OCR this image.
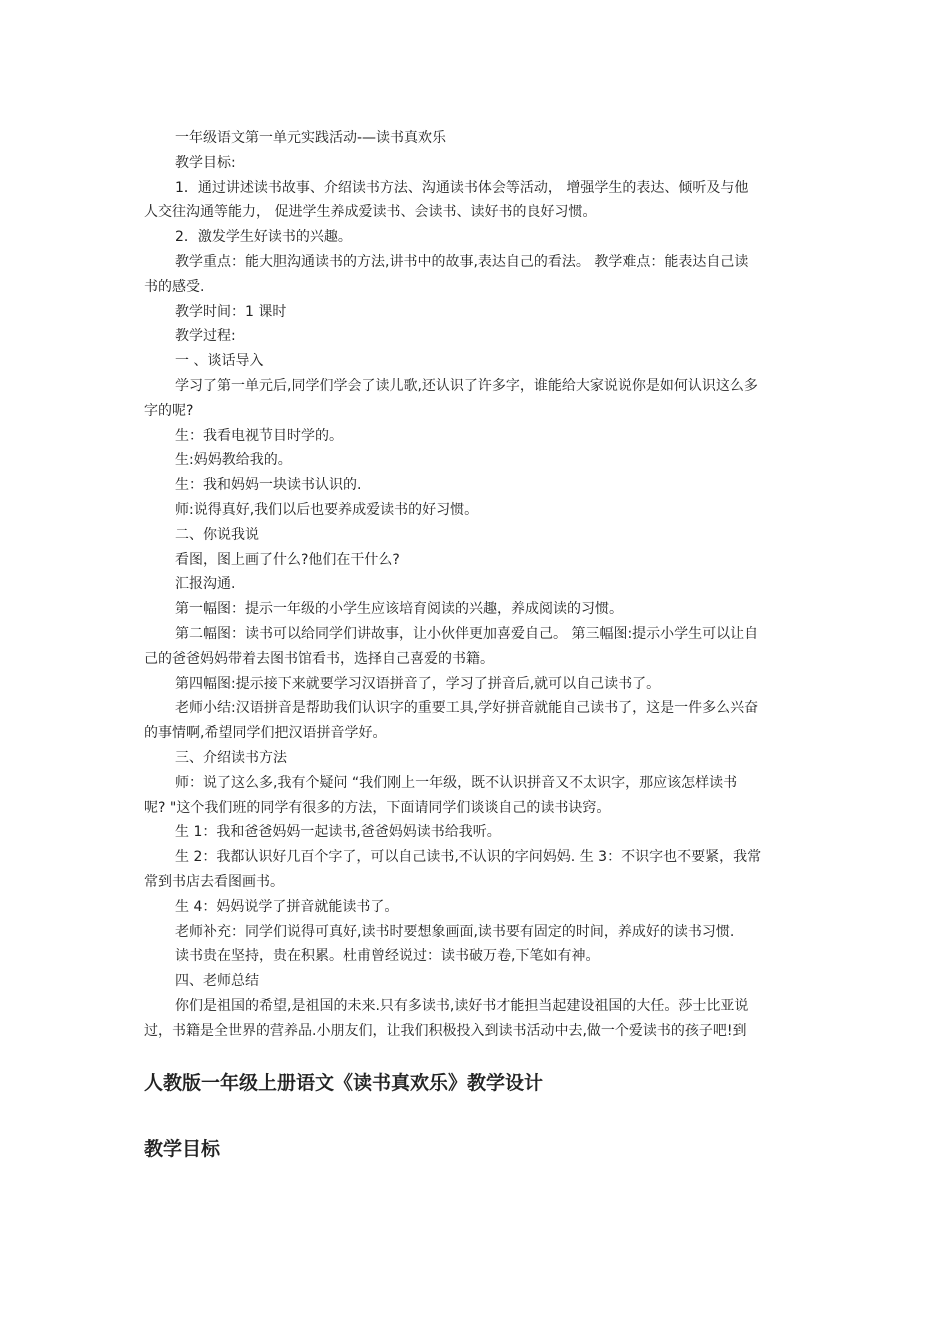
一年级语文第一单元实践活动-—读书真欢乐
教学目标:
1．通过讲述读书故事、介绍读书方法、沟通读书体会等活动， 增强学生的表达、倾听及与他
人交往沟通等能力， 促进学生养成爱读书、会读书、读好书的良好习惯。
2．激发学生好读书的兴趣。
教学重点：能大胆沟通读书的方法,讲书中的故事,表达自己的看法。 教学难点：能表达自己读
书的感受.
教学时间：1 课时
教学过程:
一 、谈话导入
学习了第一单元后,同学们学会了读儿歌,还认识了许多字，谁能给大家说说你是如何认识这么多
字的呢?
生：我看电视节目时学的。
生:妈妈教给我的。
生：我和妈妈一块读书认识的.
师:说得真好,我们以后也要养成爱读书的好习惯。
二、你说我说
看图，图上画了什么?他们在干什么?
汇报沟通.
第一幅图：提示一年级的小学生应该培育阅读的兴趣，养成阅读的习惯。
第二幅图：读书可以给同学们讲故事，让小伙伴更加喜爱自己。 第三幅图:提示小学生可以让自
己的爸爸妈妈带着去图书馆看书，选择自己喜爱的书籍。
第四幅图:提示接下来就要学习汉语拼音了，学习了拼音后,就可以自己读书了。
老师小结:汉语拼音是帮助我们认识字的重要工具,学好拼音就能自己读书了，这是一件多么兴奋
的事情啊,希望同学们把汉语拼音学好。
三、介绍读书方法
师：说了这么多,我有个疑问 “我们刚上一年级，既不认识拼音又不太识字，那应该怎样读书
呢? "这个我们班的同学有很多的方法，下面请同学们谈谈自己的读书诀窍。
生 1：我和爸爸妈妈一起读书,爸爸妈妈读书给我听。
生 2：我都认识好几百个字了，可以自己读书,不认识的字问妈妈. 生 3：不识字也不要紧，我常
常到书店去看图画书。
生 4：妈妈说学了拼音就能读书了。
老师补充：同学们说得可真好,读书时要想象画面,读书要有固定的时间，养成好的读书习惯.
读书贵在坚持，贵在积累。杜甫曾经说过：读书破万卷,下笔如有神。
四、老师总结
你们是祖国的希望,是祖国的未来.只有多读书,读好书才能担当起建设祖国的大任。莎士比亚说
过，书籍是全世界的营养品.小朋友们，让我们积极投入到读书活动中去,做一个爱读书的孩子吧!到

人教版一年级上册语文《读书真欢乐》教学设计
教学目标
